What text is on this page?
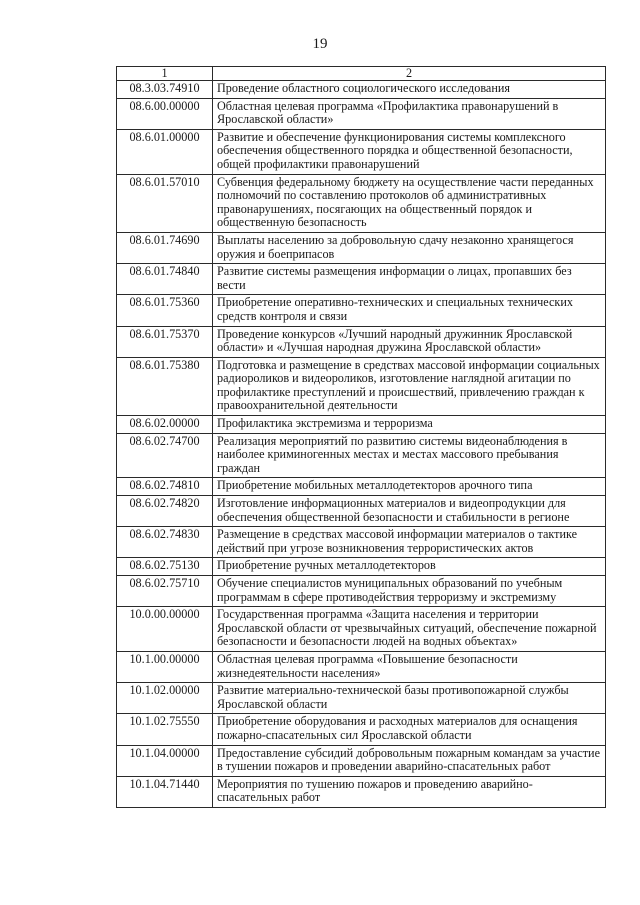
19
1	2
08.3.03.74910	Проведение областного социологического исследования
08.6.00.00000	Областная целевая программа «Профилактика правонарушений в Ярославской области»
08.6.01.00000	Развитие и обеспечение функционирования системы комплексного обеспечения общественного порядка и общественной безопасности, общей профилактики правонарушений
08.6.01.57010	Субвенция федеральному бюджету на осуществление части переданных полномочий по составлению протоколов об административных правонарушениях, посягающих на общественный порядок и общественную безопасность
08.6.01.74690	Выплаты населению за добровольную сдачу незаконно хранящегося оружия и боеприпасов
08.6.01.74840	Развитие системы размещения информации о лицах, пропавших без вести
08.6.01.75360	Приобретение оперативно-технических и специальных технических средств контроля и связи
08.6.01.75370	Проведение конкурсов «Лучший народный дружинник Ярославской области» и «Лучшая народная дружина Ярославской области»
08.6.01.75380	Подготовка и размещение в средствах массовой информации социальных радиороликов и видеороликов, изготовление наглядной агитации по профилактике преступлений и происшествий, привлечению граждан к правоохранительной деятельности
08.6.02.00000	Профилактика экстремизма и терроризма
08.6.02.74700	Реализация мероприятий по развитию системы видеонаблюдения в наиболее криминогенных местах и местах массового пребывания граждан
08.6.02.74810	Приобретение мобильных металлодетекторов арочного типа
08.6.02.74820	Изготовление информационных материалов и видеопродукции для обеспечения общественной безопасности и стабильности в регионе
08.6.02.74830	Размещение в средствах массовой информации материалов о тактике действий при угрозе возникновения террористических актов
08.6.02.75130	Приобретение ручных металлодетекторов
08.6.02.75710	Обучение специалистов муниципальных образований по учебным программам в сфере противодействия терроризму и экстремизму
10.0.00.00000	Государственная программа «Защита населения и территории Ярославской области от чрезвычайных ситуаций, обеспечение пожарной безопасности и безопасности людей на водных объектах»
10.1.00.00000	Областная целевая программа «Повышение безопасности жизнедеятельности населения»
10.1.02.00000	Развитие материально-технической базы противопожарной службы Ярославской области
10.1.02.75550	Приобретение оборудования и расходных материалов для оснащения пожарно-спасательных сил Ярославской области
10.1.04.00000	Предоставление субсидий добровольным пожарным командам за участие в тушении пожаров и проведении аварийно-спасательных работ
10.1.04.71440	Мероприятия по тушению пожаров и проведению аварийно-спасательных работ
